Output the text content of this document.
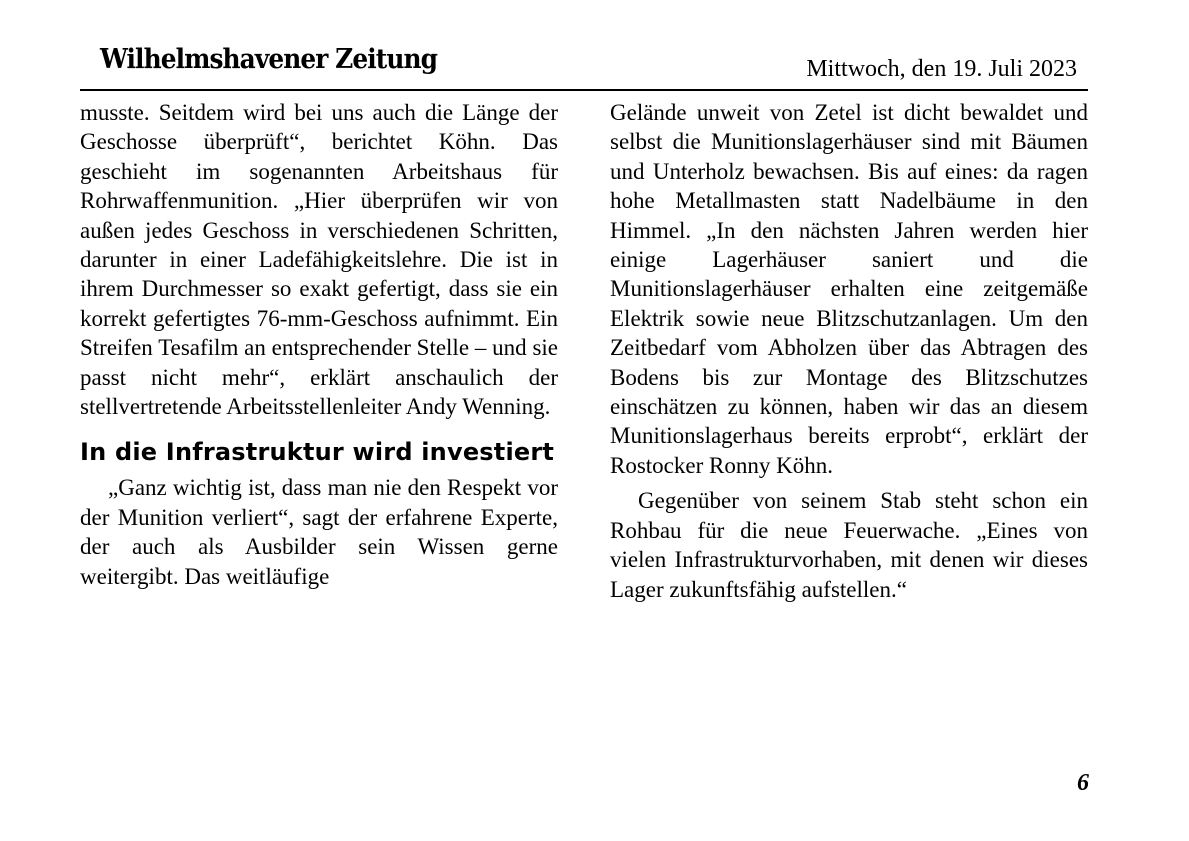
Wilhelmshavener Zeitung	Mittwoch, den 19. Juli 2023

musste. Seitdem wird bei uns auch die Länge der Geschosse überprüft“, berichtet Köhn. Das geschieht im sogenannten Arbeitshaus für Rohrwaffenmunition. „Hier überprüfen wir von außen jedes Geschoss in verschiedenen Schritten, darunter in einer Ladefähigkeitslehre. Die ist in ihrem Durchmesser so exakt gefertigt, dass sie ein korrekt gefertigtes 76-mm-Geschoss aufnimmt. Ein Streifen Tesafilm an entsprechender Stelle – und sie passt nicht mehr“, erklärt anschaulich der stellvertretende Arbeitsstellenleiter Andy Wenning.

In die Infrastruktur wird investiert

„Ganz wichtig ist, dass man nie den Respekt vor der Munition verliert“, sagt der erfahrene Experte, der auch als Ausbilder sein Wissen gerne weitergibt. Das weitläufige

Gelände unweit von Zetel ist dicht bewaldet und selbst die Munitionslagerhäuser sind mit Bäumen und Unterholz bewachsen. Bis auf eines: da ragen hohe Metallmasten statt Nadelbäume in den Himmel. „In den nächsten Jahren werden hier einige Lagerhäuser saniert und die Munitionslagerhäuser erhalten eine zeitgemäße Elektrik sowie neue Blitzschutzanlagen. Um den Zeitbedarf vom Abholzen über das Abtragen des Bodens bis zur Montage des Blitzschutzes einschätzen zu können, haben wir das an diesem Munitionslagerhaus bereits erprobt“, erklärt der Rostocker Ronny Köhn.

Gegenüber von seinem Stab steht schon ein Rohbau für die neue Feuerwache. „Eines von vielen Infrastrukturvorhaben, mit denen wir dieses Lager zukunftsfähig aufstellen.“

6
